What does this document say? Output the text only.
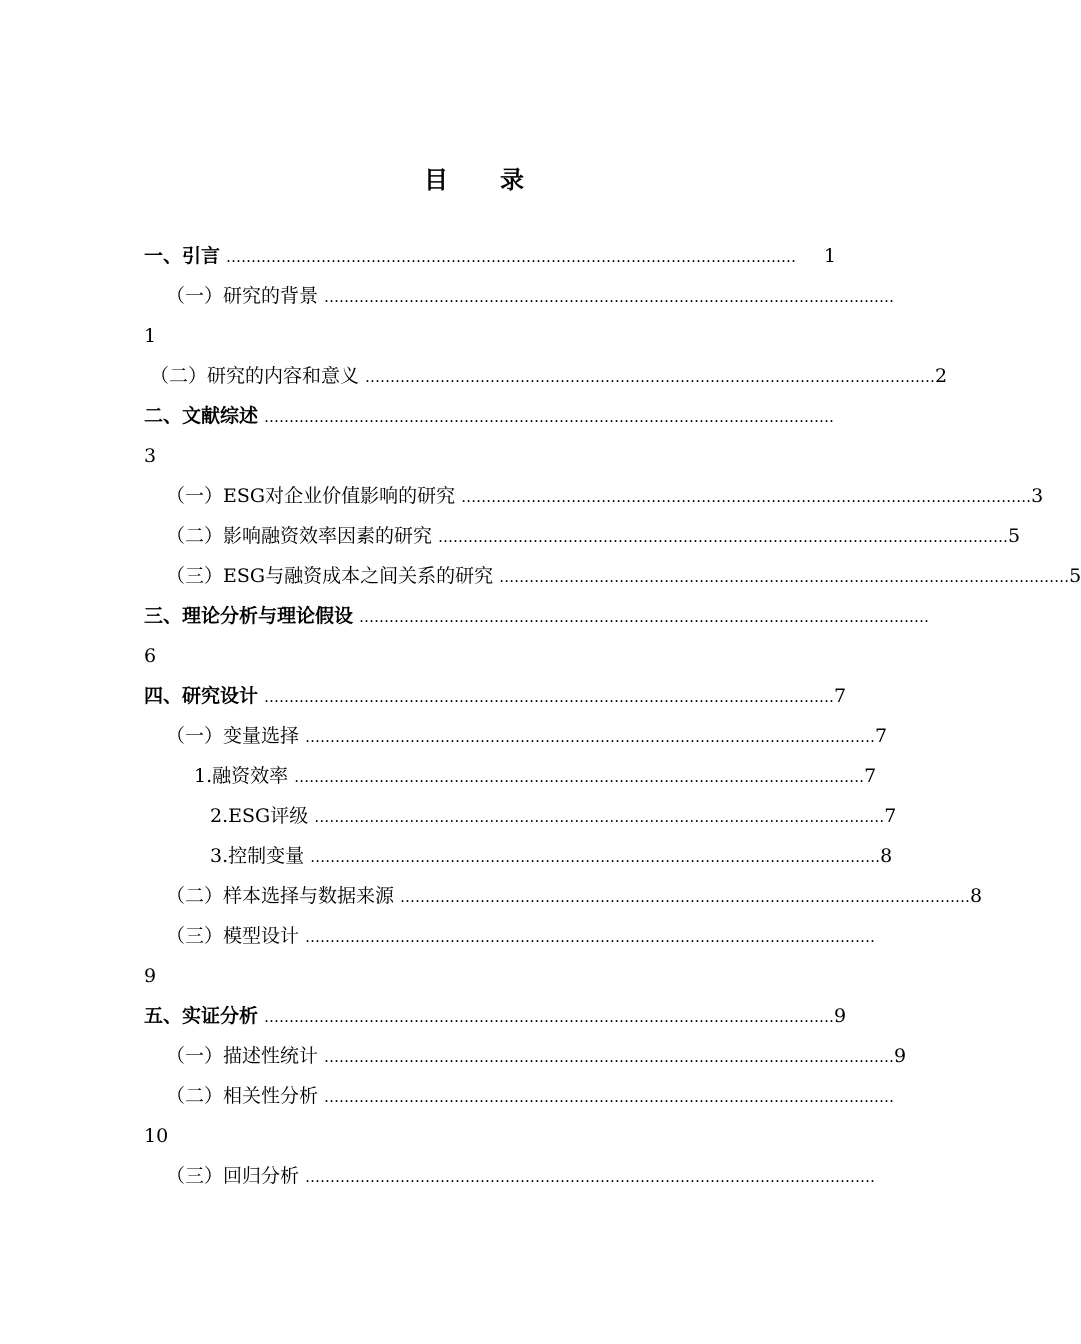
目 录
一、引言 ……………………………………………………………………………………………………	1
（一）研究的背景 ……………………………………………………………………………………………………
1
（二）研究的内容和意义 …………………………………………………………………………………………………… 2
二、文献综述 ……………………………………………………………………………………………………
3
（一）ESG对企业价值影响的研究 …………………………………………………………………………………………………… 3
（二）影响融资效率因素的研究 …………………………………………………………………………………………………… 5
（三）ESG与融资成本之间关系的研究 …………………………………………………………………………………………………… 5
三、理论分析与理论假设 ……………………………………………………………………………………………………
6
四、研究设计 …………………………………………………………………………………………………… 7
（一）变量选择 …………………………………………………………………………………………………… 7
1.融资效率 …………………………………………………………………………………………………… 7
2.ESG评级 …………………………………………………………………………………………………… 7
3.控制变量 …………………………………………………………………………………………………… 8
（二）样本选择与数据来源 …………………………………………………………………………………………………… 8
（三）模型设计 ……………………………………………………………………………………………………
9
五、实证分析 …………………………………………………………………………………………………… 9
（一）描述性统计 …………………………………………………………………………………………………… 9
（二）相关性分析 ……………………………………………………………………………………………………
10
（三）回归分析 ……………………………………………………………………………………………………
